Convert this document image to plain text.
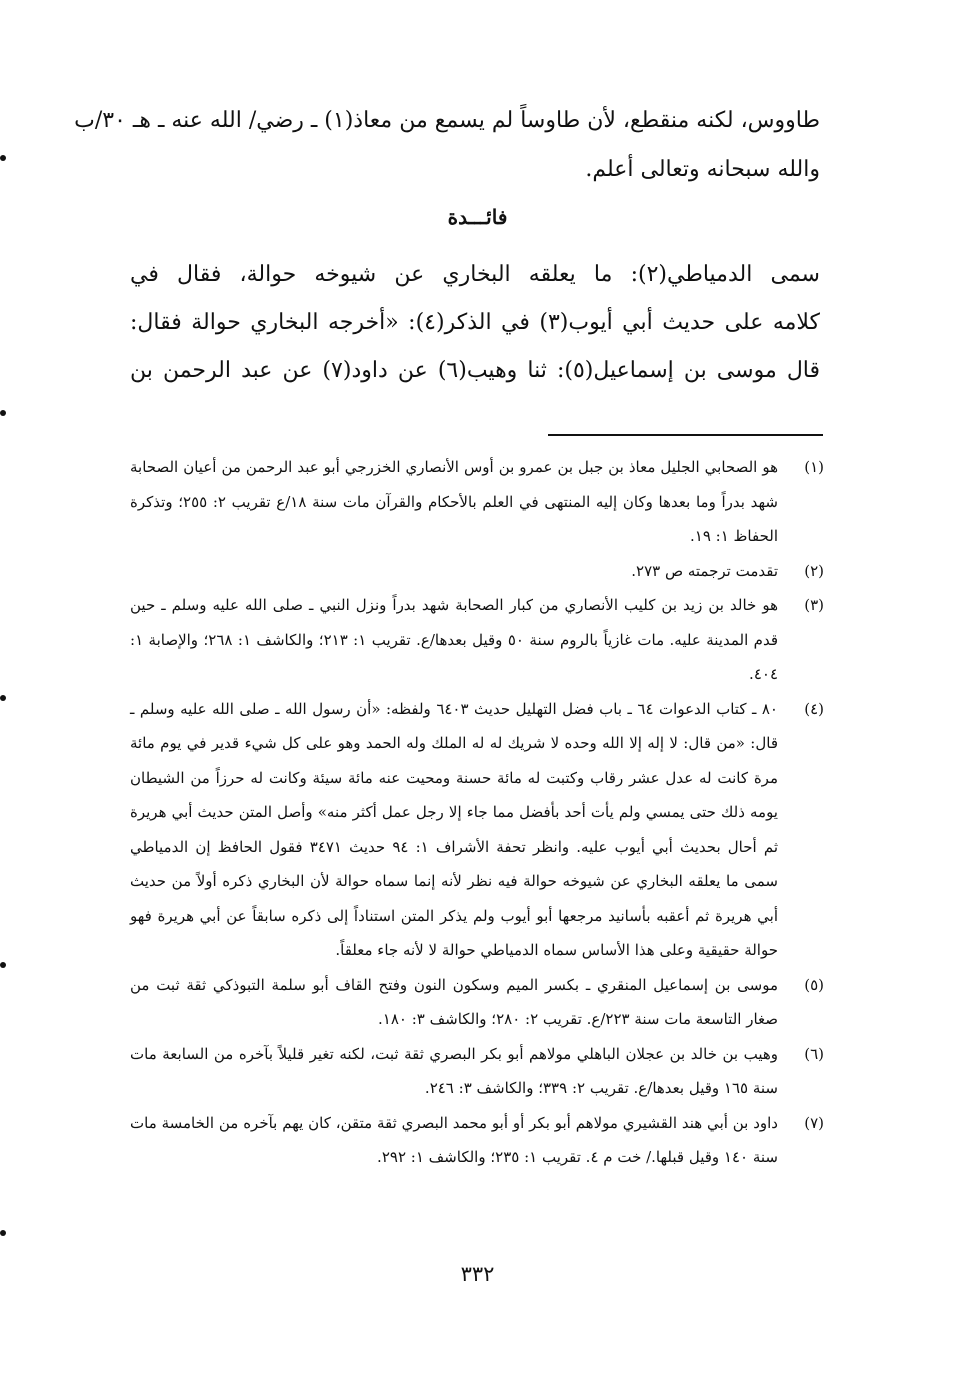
طاووس، لكنه منقطع، لأن طاوساً لم يسمع من معاذ(١) ـ رضي/ الله عنه ـ هـ ٣٠/ب

والله سبحانه وتعالى أعلم.

فائـــدة

سمى الدمياطي(٢): ما يعلقه البخاري عن شيوخه حوالة، فقال في

كلامه على حديث أبي أيوب(٣) في الذكر(٤): «أخرجه البخاري حوالة فقال:

قال موسى بن إسماعيل(٥): ثنا وهيب(٦) عن داود(٧) عن عبد الرحمن بن

(١)
هو الصحابي الجليل معاذ بن جبل بن عمرو بن أوس الأنصاري الخزرجي أبو عبد الرحمن من أعيان الصحابة شهد بدراً وما بعدها وكان إليه المنتهى في العلم بالأحكام والقرآن مات سنة ١٨/ع تقريب ٢: ٢٥٥؛ وتذكرة الحفاظ ١: ١٩.
(٢)
تقدمت ترجمته ص ٢٧٣.
(٣)
هو خالد بن زيد بن كليب الأنصاري من كبار الصحابة شهد بدراً ونزل النبي ـ صلى الله عليه وسلم ـ حين قدم المدينة عليه. مات غازياً بالروم سنة ٥٠ وقيل بعدها/ع. تقريب ١: ٢١٣؛ والكاشف ١: ٢٦٨؛ والإصابة ١: ٤٠٤.
(٤)
٨٠ ـ كتاب الدعوات ٦٤ ـ باب فضل التهليل حديث ٦٤٠٣ ولفظه: «أن رسول الله ـ صلى الله عليه وسلم ـ قال: «من قال: لا إله إلا الله وحده لا شريك له له الملك وله الحمد وهو على كل شيء قدير في يوم مائة مرة كانت له عدل عشر رقاب وكتبت له مائة حسنة ومحيت عنه مائة سيئة وكانت له حرزاً من الشيطان يومه ذلك حتى يمسي ولم يأت أحد بأفضل مما جاء إلا رجل عمل أكثر منه» وأصل المتن حديث أبي هريرة ثم أحال بحديث أبي أيوب عليه. وانظر تحفة الأشراف ١: ٩٤ حديث ٣٤٧١ فقول الحافظ إن الدمياطي سمى ما يعلقه البخاري عن شيوخه حوالة فيه نظر لأنه إنما سماه حوالة لأن البخاري ذكره أولاً من حديث أبي هريرة ثم أعقبه بأسانيد مرجعها أبو أيوب ولم يذكر المتن استناداً إلى ذكره سابقاً عن أبي هريرة فهو حوالة حقيقية وعلى هذا الأساس سماه الدمياطي حوالة لا لأنه جاء معلقاً.
(٥)
موسى بن إسماعيل المنقري ـ بكسر الميم وسكون النون وفتح القاف أبو سلمة التبوذكي ثقة ثبت من صغار التاسعة مات سنة ٢٢٣/ع. تقريب ٢: ٢٨٠؛ والكاشف ٣: ١٨٠.
(٦)
وهيب بن خالد بن عجلان الباهلي مولاهم أبو بكر البصري ثقة ثبت، لكنه تغير قليلاً بآخره من السابعة مات سنة ١٦٥ وقيل بعدها/ع. تقريب ٢: ٣٣٩؛ والكاشف ٣: ٢٤٦.
(٧)
داود بن أبي هند القشيري مولاهم أبو بكر أو أبو محمد البصري ثقة متقن، كان يهم بآخره من الخامسة مات سنة ١٤٠ وقيل قبلها./ خت م ٤. تقريب ١: ٢٣٥؛ والكاشف ١: ٢٩٢.

٣٣٢
